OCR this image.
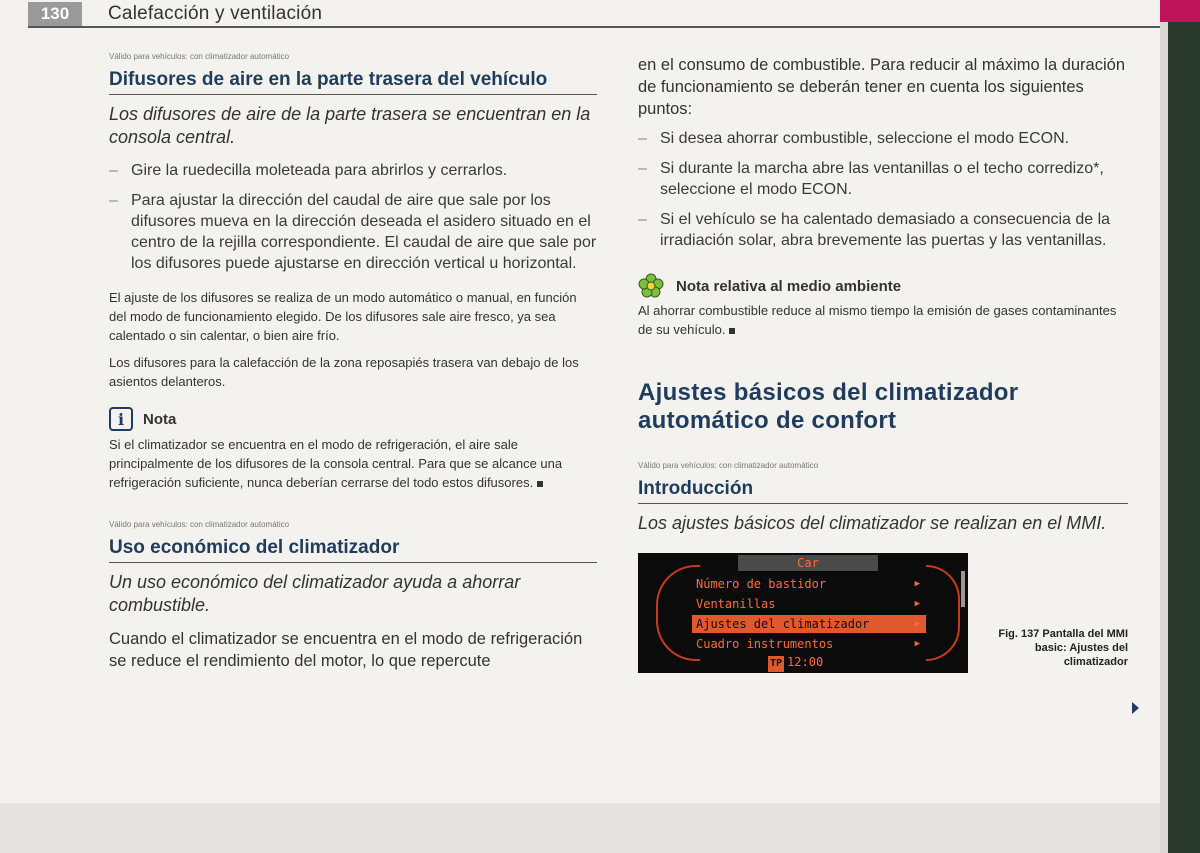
130	Calefacción y ventilación
Válido para vehículos: con climatizador automático
Difusores de aire en la parte trasera del vehículo
Los difusores de aire de la parte trasera se encuentran en la consola central.
– Gire la ruedecilla moleteada para abrirlos y cerrarlos.
– Para ajustar la dirección del caudal de aire que sale por los difusores mueva en la dirección deseada el asidero situado en el centro de la rejilla correspondiente. El caudal de aire que sale por los difusores puede ajustarse en dirección vertical u horizontal.
El ajuste de los difusores se realiza de un modo automático o manual, en función del modo de funcionamiento elegido. De los difusores sale aire fresco, ya sea calentado o sin calentar, o bien aire frío.
Los difusores para la calefacción de la zona reposapiés trasera van debajo de los asientos delanteros.
i Nota
Si el climatizador se encuentra en el modo de refrigeración, el aire sale principalmente de los difusores de la consola central. Para que se alcance una refrigeración suficiente, nunca deberían cerrarse del todo estos difusores.
Válido para vehículos: con climatizador automático
Uso económico del climatizador
Un uso económico del climatizador ayuda a ahorrar combustible.
Cuando el climatizador se encuentra en el modo de refrigeración se reduce el rendimiento del motor, lo que repercute
en el consumo de combustible. Para reducir al máximo la duración de funcionamiento se deberán tener en cuenta los siguientes puntos:
– Si desea ahorrar combustible, seleccione el modo ECON.
– Si durante la marcha abre las ventanillas o el techo corredizo*, seleccione el modo ECON.
– Si el vehículo se ha calentado demasiado a consecuencia de la irradiación solar, abra brevemente las puertas y las ventanillas.
Nota relativa al medio ambiente
Al ahorrar combustible reduce al mismo tiempo la emisión de gases contaminantes de su vehículo.
Ajustes básicos del climatizador automático de confort
Válido para vehículos: con climatizador automático
Introducción
Los ajustes básicos del climatizador se realizan en el MMI.
Car
Número de bastidor	▶
Ventanillas	▶
Ajustes del climatizador	▶
Cuadro instrumentos	▶
TP 12:00
Fig. 137 Pantalla del MMI basic: Ajustes del climatizador
